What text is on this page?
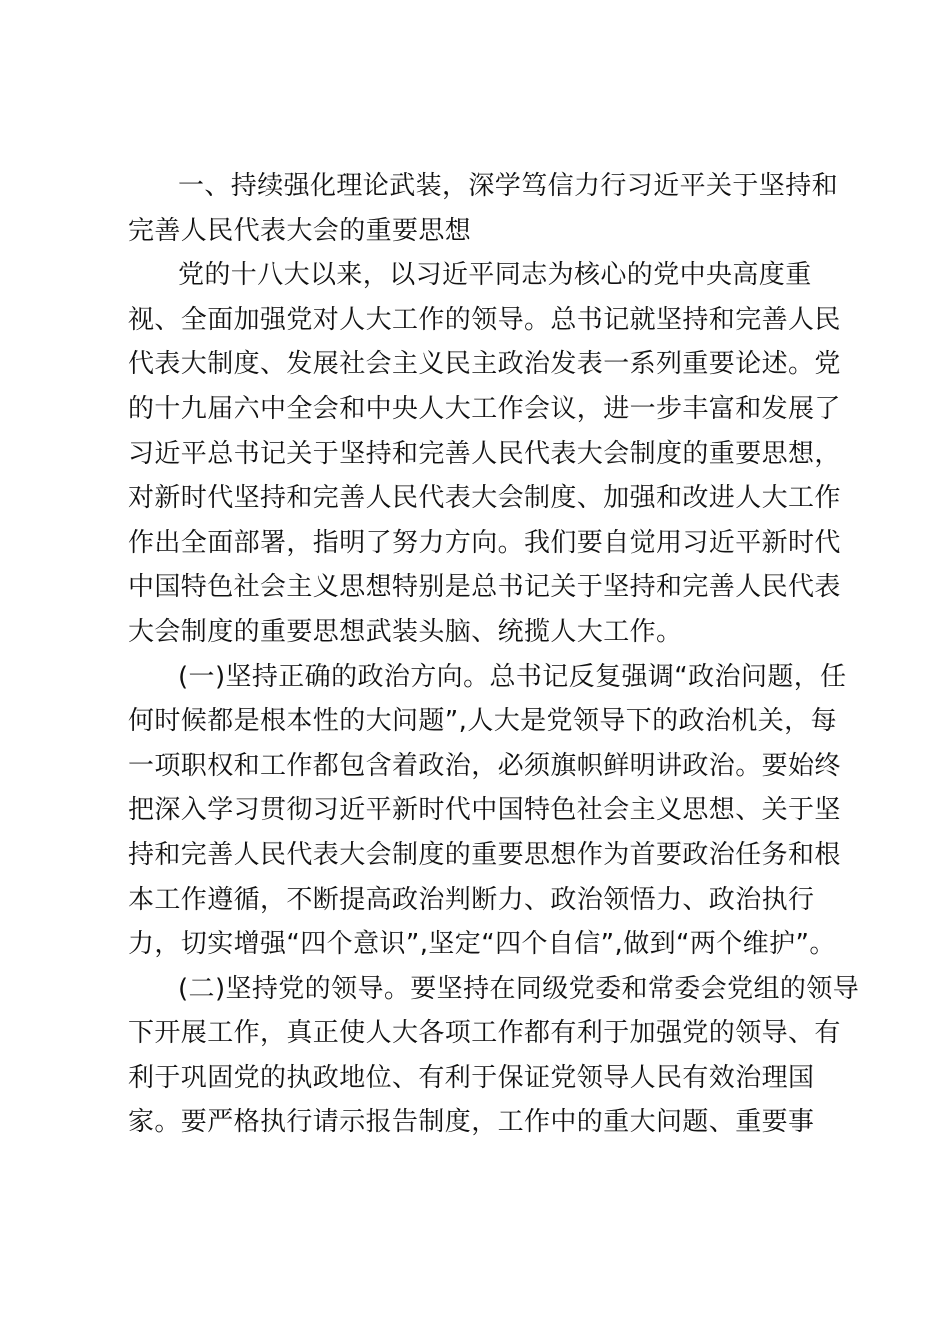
一、持续强化理论武装，深学笃信力行习近平关于坚持和
完善人民代表大会的重要思想
党的十八大以来，以习近平同志为核心的党中央高度重
视、全面加强党对人大工作的领导。总书记就坚持和完善人民
代表大制度、发展社会主义民主政治发表一系列重要论述。党
的十九届六中全会和中央人大工作会议，进一步丰富和发展了
习近平总书记关于坚持和完善人民代表大会制度的重要思想，
对新时代坚持和完善人民代表大会制度、加强和改进人大工作
作出全面部署，指明了努力方向。我们要自觉用习近平新时代
中国特色社会主义思想特别是总书记关于坚持和完善人民代表
大会制度的重要思想武装头脑、统揽人大工作。
(一)坚持正确的政治方向。总书记反复强调“政治问题，任
何时候都是根本性的大问题”,人大是党领导下的政治机关，每
一项职权和工作都包含着政治，必须旗帜鲜明讲政治。要始终
把深入学习贯彻习近平新时代中国特色社会主义思想、关于坚
持和完善人民代表大会制度的重要思想作为首要政治任务和根
本工作遵循，不断提高政治判断力、政治领悟力、政治执行
力，切实增强“四个意识”,坚定“四个自信”,做到“两个维护”。
(二)坚持党的领导。要坚持在同级党委和常委会党组的领导
下开展工作，真正使人大各项工作都有利于加强党的领导、有
利于巩固党的执政地位、有利于保证党领导人民有效治理国
家。要严格执行请示报告制度，工作中的重大问题、重要事
